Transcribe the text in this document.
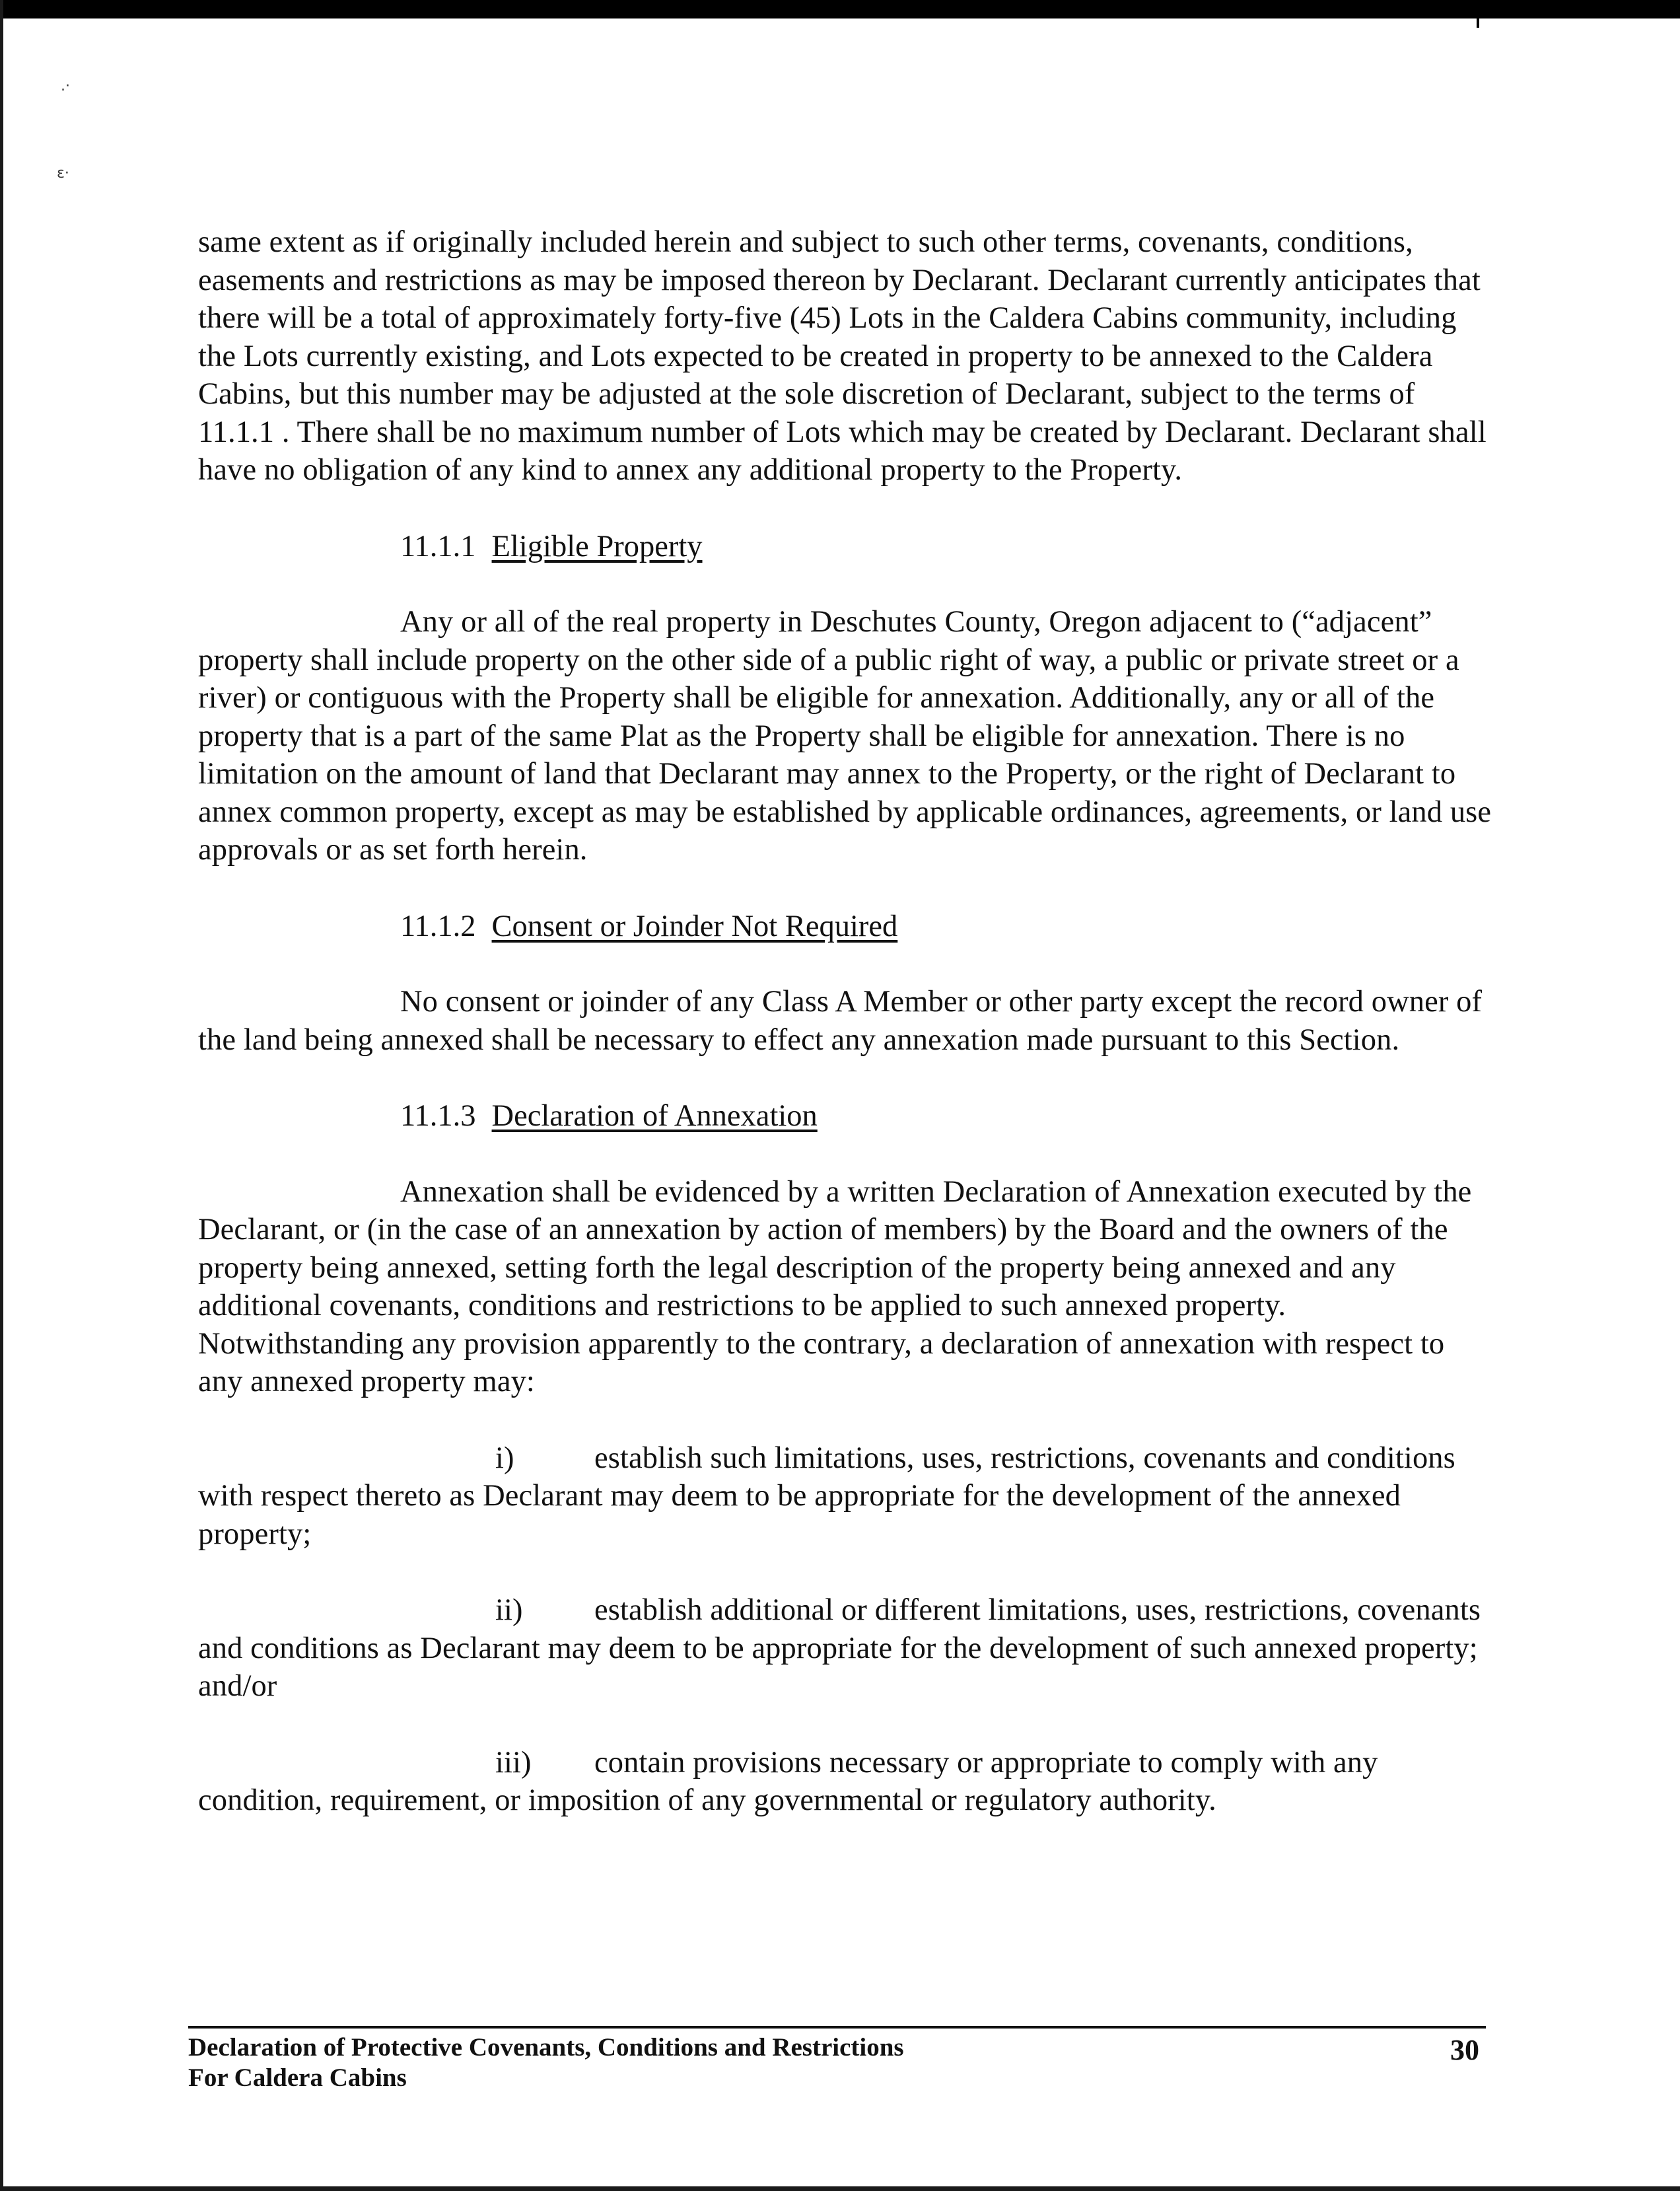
.·
ɛ·

same extent as if originally included herein and subject to such other terms, covenants, conditions, easements and restrictions as may be imposed thereon by Declarant. Declarant currently anticipates that there will be a total of approximately forty-five (45) Lots in the Caldera Cabins community, including the Lots currently existing, and Lots expected to be created in property to be annexed to the Caldera Cabins, but this number may be adjusted at the sole discretion of Declarant, subject to the terms of 11.1.1 . There shall be no maximum number of Lots which may be created by Declarant. Declarant shall have no obligation of any kind to annex any additional property to the Property.

11.1.1 Eligible Property

Any or all of the real property in Deschutes County, Oregon adjacent to (“adjacent” property shall include property on the other side of a public right of way, a public or private street or a river) or contiguous with the Property shall be eligible for annexation. Additionally, any or all of the property that is a part of the same Plat as the Property shall be eligible for annexation. There is no limitation on the amount of land that Declarant may annex to the Property, or the right of Declarant to annex common property, except as may be established by applicable ordinances, agreements, or land use approvals or as set forth herein.

11.1.2 Consent or Joinder Not Required

No consent or joinder of any Class A Member or other party except the record owner of the land being annexed shall be necessary to effect any annexation made pursuant to this Section.

11.1.3 Declaration of Annexation

Annexation shall be evidenced by a written Declaration of Annexation executed by the Declarant, or (in the case of an annexation by action of members) by the Board and the owners of the property being annexed, setting forth the legal description of the property being annexed and any additional covenants, conditions and restrictions to be applied to such annexed property. Notwithstanding any provision apparently to the contrary, a declaration of annexation with respect to any annexed property may:

i)	establish such limitations, uses, restrictions, covenants and conditions with respect thereto as Declarant may deem to be appropriate for the development of the annexed property;

ii) establish additional or different limitations, uses, restrictions, covenants and conditions as Declarant may deem to be appropriate for the development of such annexed property; and/or

iii) contain provisions necessary or appropriate to comply with any condition, requirement, or imposition of any governmental or regulatory authority.

Declaration of Protective Covenants, Conditions and Restrictions
For Caldera Cabins
30
